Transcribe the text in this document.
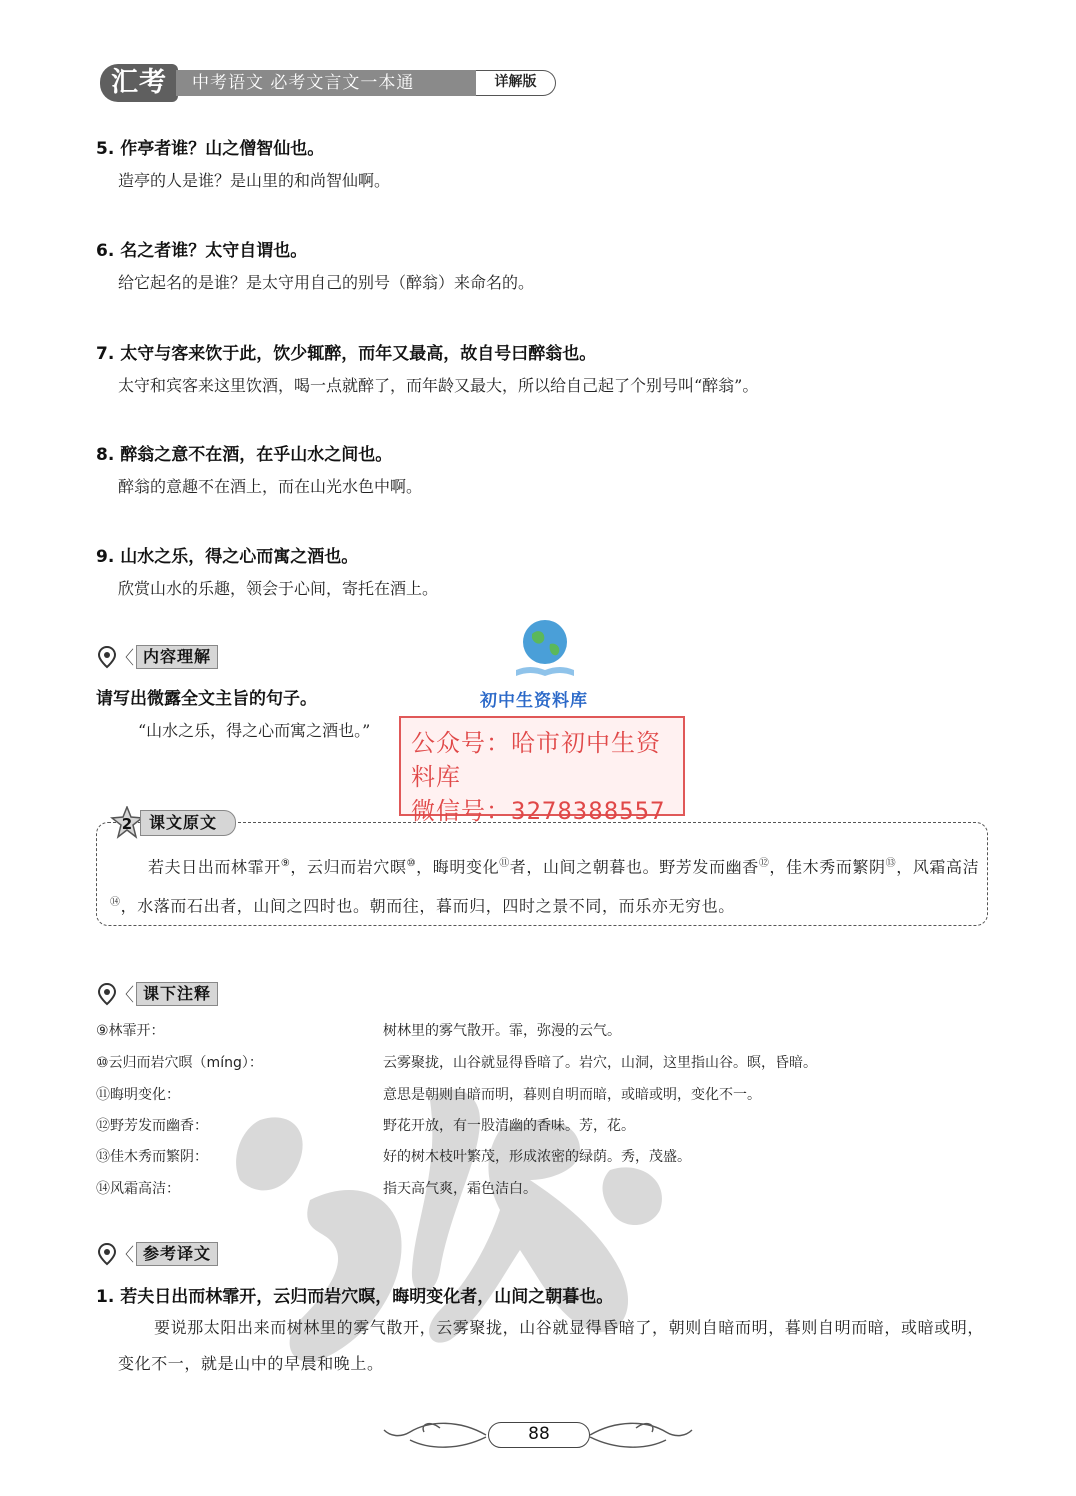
汇考	中考语文 必考文言文一本通	详解版
5. 作亭者谁？山之僧智仙也。
造亭的人是谁？是山里的和尚智仙啊。
6. 名之者谁？太守自谓也。
给它起名的是谁？是太守用自己的别号（醉翁）来命名的。
7. 太守与客来饮于此，饮少辄醉，而年又最高，故自号曰醉翁也。
太守和宾客来这里饮酒，喝一点就醉了，而年龄又最大，所以给自己起了个别号叫“醉翁”。
8. 醉翁之意不在酒，在乎山水之间也。
醉翁的意趣不在酒上，而在山光水色中啊。
9. 山水之乐，得之心而寓之酒也。
欣赏山水的乐趣，领会于心间，寄托在酒上。
〈 内容理解
请写出微露全文主旨的句子。
“山水之乐，得之心而寓之酒也。”
初中生资料库
公众号：哈市初中生资料库
微信号：3278388557
2	课文原文
若夫日出而林霏开⑨，云归而岩穴暝⑩，晦明变化⑪者，山间之朝暮也。野芳发而幽香⑫，佳木秀而繁阴⑬，风霜高洁⑭，水落而石出者，山间之四时也。朝而往，暮而归，四时之景不同，而乐亦无穷也。
〈 课下注释
⑨林霏开：	树林里的雾气散开。霏，弥漫的云气。
⑩云归而岩穴暝（míng）：	云雾聚拢，山谷就显得昏暗了。岩穴，山洞，这里指山谷。暝，昏暗。
⑪晦明变化：	意思是朝则自暗而明，暮则自明而暗，或暗或明，变化不一。
⑫野芳发而幽香：	野花开放，有一股清幽的香味。芳，花。
⑬佳木秀而繁阴：	好的树木枝叶繁茂，形成浓密的绿荫。秀，茂盛。
⑭风霜高洁：	指天高气爽，霜色洁白。
〈 参考译文
1. 若夫日出而林霏开，云归而岩穴暝，晦明变化者，山间之朝暮也。
要说那太阳出来而树林里的雾气散开，云雾聚拢，山谷就显得昏暗了，朝则自暗而明，暮则自明而暗，或暗或明，变化不一，就是山中的早晨和晚上。
88
